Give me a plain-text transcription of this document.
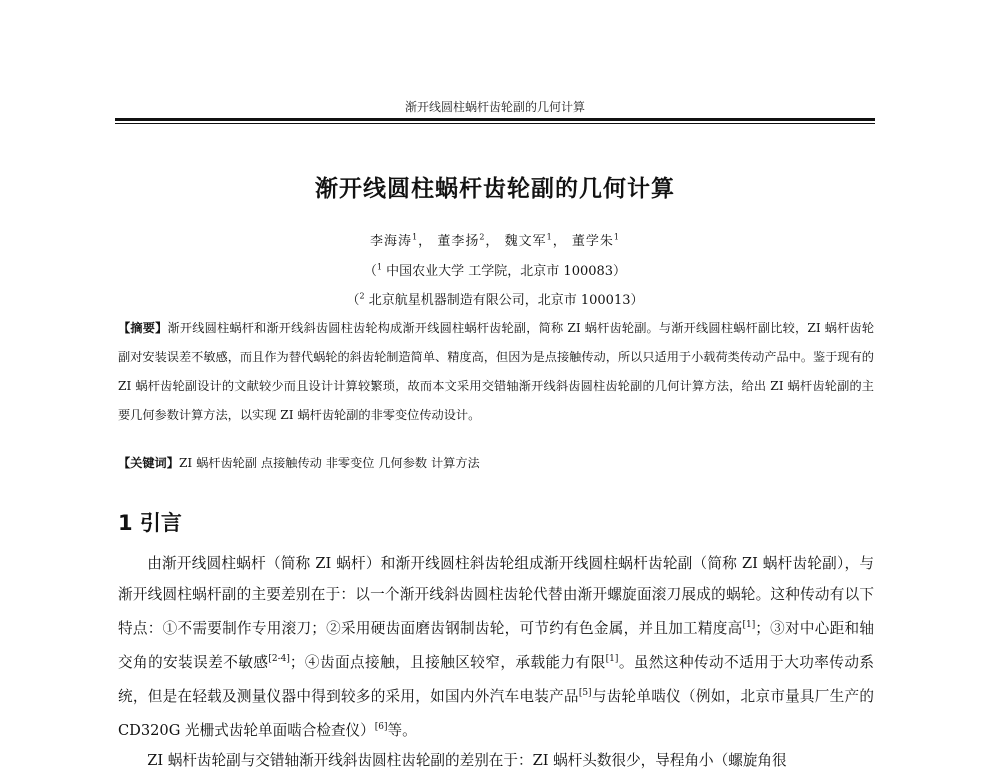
渐开线圆柱蜗杆齿轮副的几何计算
渐开线圆柱蜗杆齿轮副的几何计算
李海涛$^1$， 董李扬$^2$， 魏文军$^1$， 董学朱$^1$
（$^1$ 中国农业大学 工学院，北京市 100083）
（$^2$ 北京航星机器制造有限公司，北京市 100013）
【摘要】渐开线圆柱蜗杆和渐开线斜齿圆柱齿轮构成渐开线圆柱蜗杆齿轮副，简称 ZI 蜗杆齿轮副。与渐开线圆柱蜗杆副比较，ZI 蜗杆齿轮副对安装误差不敏感，而且作为替代蜗轮的斜齿轮制造简单、精度高，但因为是点接触传动，所以只适用于小载荷类传动产品中。鉴于现有的 ZI 蜗杆齿轮副设计的文献较少而且设计计算较繁琐，故而本文采用交错轴渐开线斜齿圆柱齿轮副的几何计算方法，给出 ZI 蜗杆齿轮副的主要几何参数计算方法，以实现 ZI 蜗杆齿轮副的非零变位传动设计。
【关键词】ZI 蜗杆齿轮副 点接触传动 非零变位 几何参数 计算方法
1 引言

由渐开线圆柱蜗杆（简称 ZI 蜗杆）和渐开线圆柱斜齿轮组成渐开线圆柱蜗杆齿轮副（简称 ZI 蜗杆齿轮副），与渐开线圆柱蜗杆副的主要差别在于：以一个渐开线斜齿圆柱齿轮代替由渐开螺旋面滚刀展成的蜗轮。这种传动有以下特点：①不需要制作专用滚刀；②采用硬齿面磨齿钢制齿轮，可节约有色金属，并且加工精度高[1]；③对中心距和轴交角的安装误差不敏感[2-4]；④齿面点接触，且接触区较窄，承载能力有限[1]。虽然这种传动不适用于大功率传动系统，但是在轻载及测量仪器中得到较多的采用，如国内外汽车电装产品[5]与齿轮单啮仪（例如，北京市量具厂生产的 CD320G 光栅式齿轮单面啮合检查仪）[6]等。

ZI 蜗杆齿轮副与交错轴渐开线斜齿圆柱齿轮副的差别在于：ZI 蜗杆头数很少，导程角小（螺旋角很
